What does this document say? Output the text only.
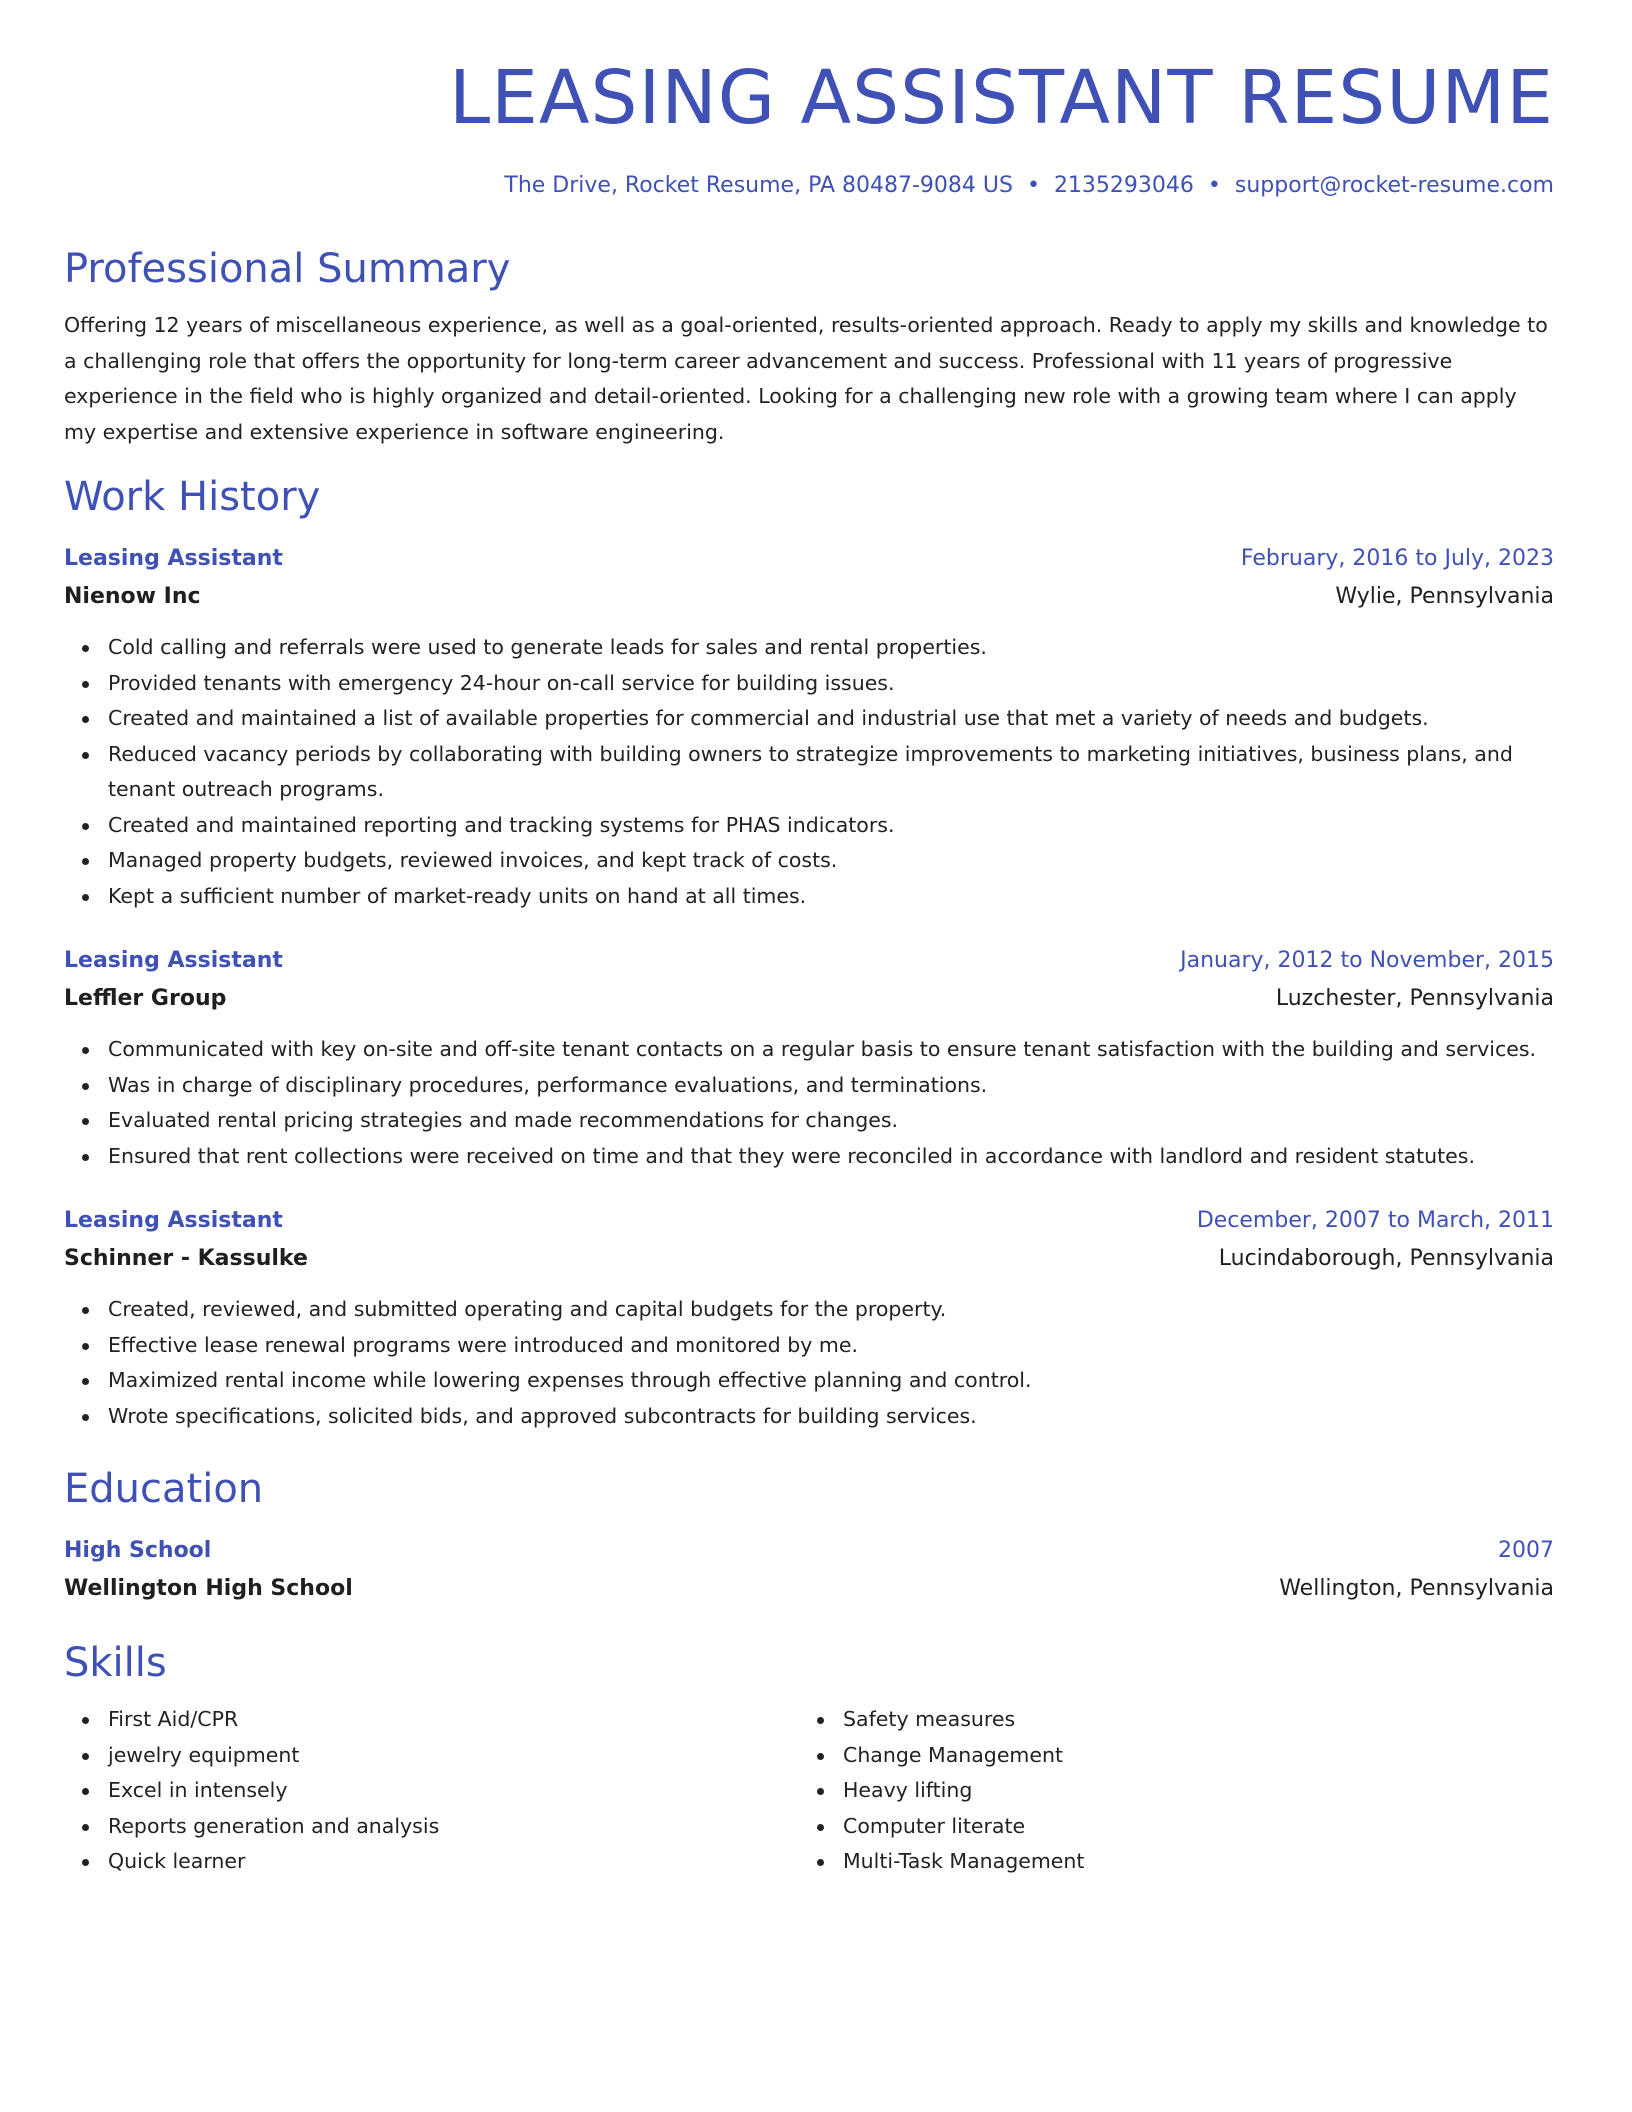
LEASING ASSISTANT RESUME
The Drive, Rocket Resume, PA 80487-9084 US • 2135293046 • support@rocket-resume.com
Professional Summary
Offering 12 years of miscellaneous experience, as well as a goal-oriented, results-oriented approach. Ready to apply my skills and knowledge to a challenging role that offers the opportunity for long-term career advancement and success. Professional with 11 years of progressive experience in the field who is highly organized and detail-oriented. Looking for a challenging new role with a growing team where I can apply my expertise and extensive experience in software engineering.
Work History
Leasing Assistant	February, 2016 to July, 2023
Nienow Inc	Wylie, Pennsylvania
Cold calling and referrals were used to generate leads for sales and rental properties.
Provided tenants with emergency 24-hour on-call service for building issues.
Created and maintained a list of available properties for commercial and industrial use that met a variety of needs and budgets.
Reduced vacancy periods by collaborating with building owners to strategize improvements to marketing initiatives, business plans, and tenant outreach programs.
Created and maintained reporting and tracking systems for PHAS indicators.
Managed property budgets, reviewed invoices, and kept track of costs.
Kept a sufficient number of market-ready units on hand at all times.
Leasing Assistant	January, 2012 to November, 2015
Leffler Group	Luzchester, Pennsylvania
Communicated with key on-site and off-site tenant contacts on a regular basis to ensure tenant satisfaction with the building and services.
Was in charge of disciplinary procedures, performance evaluations, and terminations.
Evaluated rental pricing strategies and made recommendations for changes.
Ensured that rent collections were received on time and that they were reconciled in accordance with landlord and resident statutes.
Leasing Assistant	December, 2007 to March, 2011
Schinner - Kassulke	Lucindaborough, Pennsylvania
Created, reviewed, and submitted operating and capital budgets for the property.
Effective lease renewal programs were introduced and monitored by me.
Maximized rental income while lowering expenses through effective planning and control.
Wrote specifications, solicited bids, and approved subcontracts for building services.
Education
High School	2007
Wellington High School	Wellington, Pennsylvania
Skills
First Aid/CPR
jewelry equipment
Excel in intensely
Reports generation and analysis
Quick learner
Safety measures
Change Management
Heavy lifting
Computer literate
Multi-Task Management
